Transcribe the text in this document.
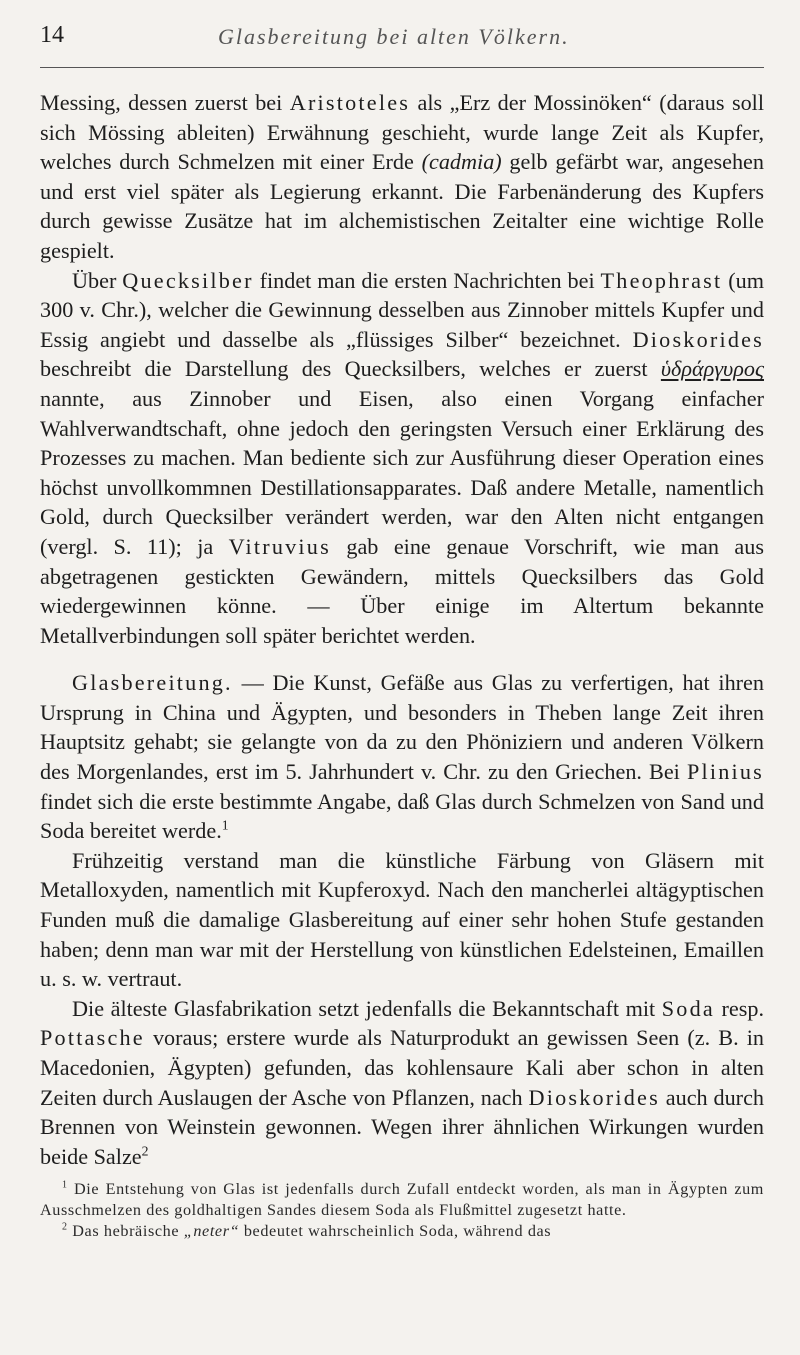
14	Glasbereitung bei alten Völkern.

Messing, dessen zuerst bei Aristoteles als „Erz der Mossinöken“ (daraus soll sich Mössing ableiten) Erwähnung geschieht, wurde lange Zeit als Kupfer, welches durch Schmelzen mit einer Erde (cadmia) gelb gefärbt war, angesehen und erst viel später als Legierung erkannt. Die Farbenänderung des Kupfers durch gewisse Zusätze hat im alchemistischen Zeitalter eine wichtige Rolle gespielt.

Über Quecksilber findet man die ersten Nachrichten bei Theophrast (um 300 v. Chr.), welcher die Gewinnung desselben aus Zinnober mittels Kupfer und Essig angiebt und dasselbe als „flüssiges Silber“ bezeichnet. Dioskorides beschreibt die Darstellung des Quecksilbers, welches er zuerst ὑδράργυρος nannte, aus Zinnober und Eisen, also einen Vorgang einfacher Wahlverwandtschaft, ohne jedoch den geringsten Versuch einer Erklärung des Prozesses zu machen. Man bediente sich zur Ausführung dieser Operation eines höchst unvollkommnen Destillationsapparates. Daß andere Metalle, namentlich Gold, durch Quecksilber verändert werden, war den Alten nicht entgangen (vergl. S. 11); ja Vitruvius gab eine genaue Vorschrift, wie man aus abgetragenen gestickten Gewändern, mittels Quecksilbers das Gold wiedergewinnen könne. — Über einige im Altertum bekannte Metallverbindungen soll später berichtet werden.

Glasbereitung. — Die Kunst, Gefäße aus Glas zu verfertigen, hat ihren Ursprung in China und Ägypten, und besonders in Theben lange Zeit ihren Hauptsitz gehabt; sie gelangte von da zu den Phöniziern und anderen Völkern des Morgenlandes, erst im 5. Jahrhundert v. Chr. zu den Griechen. Bei Plinius findet sich die erste bestimmte Angabe, daß Glas durch Schmelzen von Sand und Soda bereitet werde.$^1$

Frühzeitig verstand man die künstliche Färbung von Gläsern mit Metalloxyden, namentlich mit Kupferoxyd. Nach den mancherlei altägyptischen Funden muß die damalige Glasbereitung auf einer sehr hohen Stufe gestanden haben; denn man war mit der Herstellung von künstlichen Edelsteinen, Emaillen u. s. w. vertraut.

Die älteste Glasfabrikation setzt jedenfalls die Bekanntschaft mit Soda resp. Pottasche voraus; erstere wurde als Naturprodukt an gewissen Seen (z. B. in Macedonien, Ägypten) gefunden, das kohlensaure Kali aber schon in alten Zeiten durch Auslaugen der Asche von Pflanzen, nach Dioskorides auch durch Brennen von Weinstein gewonnen. Wegen ihrer ähnlichen Wirkungen wurden beide Salze$^2$

$^1$ Die Entstehung von Glas ist jedenfalls durch Zufall entdeckt worden, als man in Ägypten zum Ausschmelzen des goldhaltigen Sandes diesem Soda als Flußmittel zugesetzt hatte.

$^2$ Das hebräische „neter“ bedeutet wahrscheinlich Soda, während das
